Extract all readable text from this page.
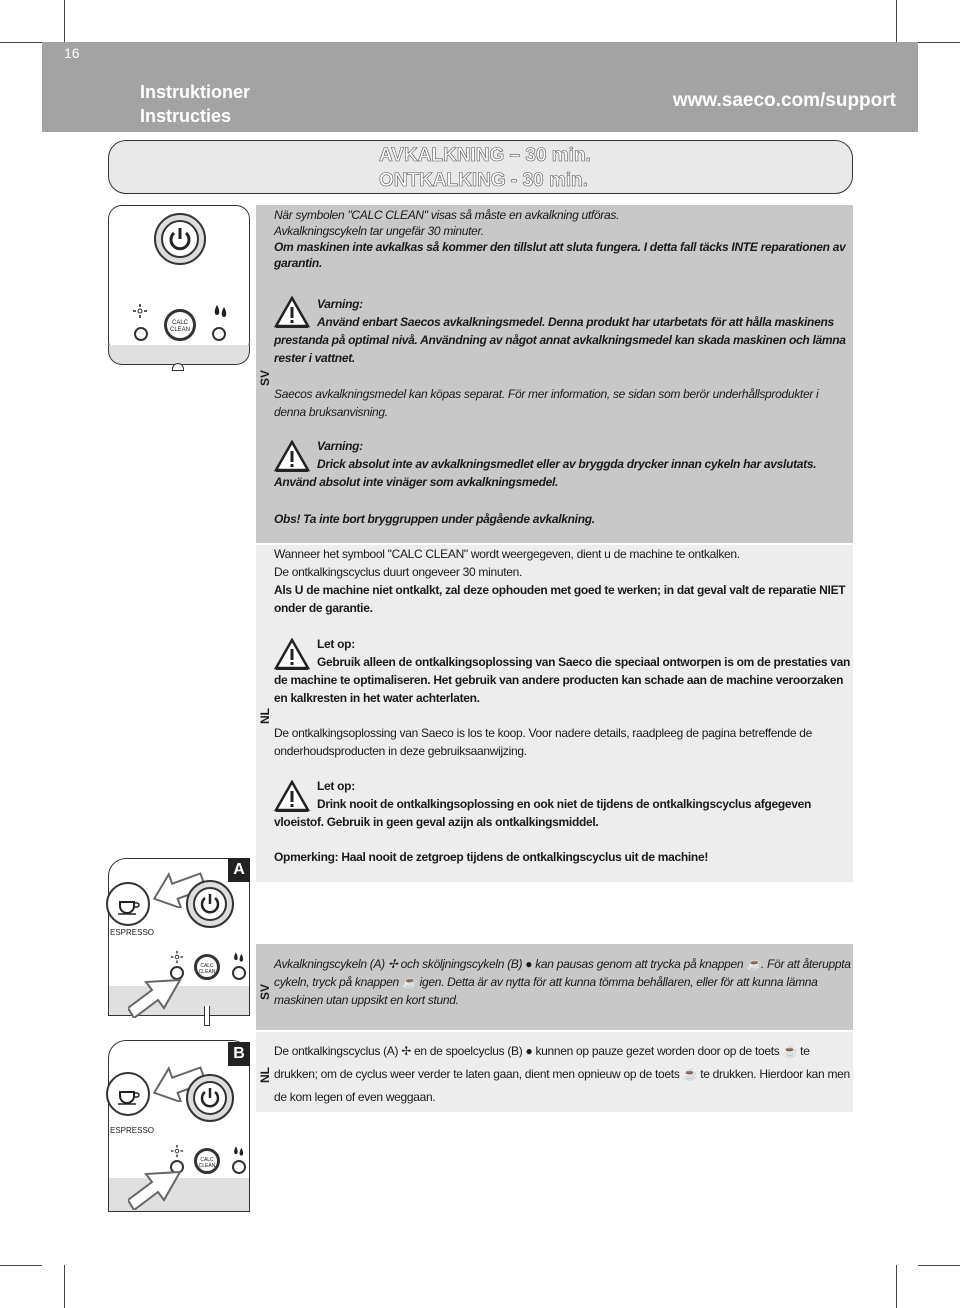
16
Instruktioner
Instructies
www.saeco.com/support
AVKALKNING – 30 min.
ONTKALKING - 30 min.
SV
NL
SV
NL
När symbolen "CALC CLEAN" visas så måste en avkalkning utföras.
Avkalkningscykeln tar ungefär 30 minuter.
Om maskinen inte avkalkas så kommer den tillslut att sluta fungera. I detta fall täcks INTE reparationen av garantin.
Varning:
Använd enbart Saecos avkalkningsmedel. Denna produkt har utarbetats för att hålla maskinens prestanda på optimal nivå. Användning av något annat avkalkningsmedel kan skada maskinen och lämna rester i vattnet.
Saecos avkalkningsmedel kan köpas separat. För mer information, se sidan som berör underhållsprodukter i denna bruksanvisning.
Varning:
Drick absolut inte av avkalkningsmedlet eller av bryggda drycker innan cykeln har avslutats. Använd absolut inte vinäger som avkalkningsmedel.
Obs! Ta inte bort bryggruppen under pågående avkalkning.
Wanneer het symbool "CALC CLEAN" wordt weergegeven, dient u de machine te ontkalken.
De ontkalkingscyclus duurt ongeveer 30 minuten.
Als U de machine niet ontkalkt, zal deze ophouden met goed te werken; in dat geval valt de reparatie NIET onder de garantie.
Let op:
Gebruik alleen de ontkalkingsoplossing van Saeco die speciaal ontworpen is om de prestaties van de machine te optimaliseren. Het gebruik van andere producten kan schade aan de machine veroorzaken en kalkresten in het water achterlaten.
De ontkalkingsoplossing van Saeco is los te koop. Voor nadere details, raadpleeg de pagina betreffende de onderhoudsproducten in deze gebruiksaanwijzing.
Let op:
Drink nooit de ontkalkingsoplossing en ook niet de tijdens de ontkalkingscyclus afgegeven vloeistof. Gebruik in geen geval azijn als ontkalkingsmiddel.
Opmerking: Haal nooit de zetgroep tijdens de ontkalkingscyclus uit de machine!
Avkalkningscykeln (A) ✢ och sköljningscykeln (B) ● kan pausas genom att trycka på knappen ☕. För att återuppta cykeln, tryck på knappen ☕ igen. Detta är av nytta för att kunna tömma behållaren, eller för att kunna lämna maskinen utan uppsikt en kort stund.
De ontkalkingscyclus (A) ✢ en de spoelcyclus (B) ● kunnen op pauze gezet worden door op de toets ☕ te drukken; om de cyclus weer verder te laten gaan, dient men opnieuw op de toets ☕ te drukken. Hierdoor kan men de kom legen of even weggaan.
CALC
CLEAN
A
ESPRESSO
CALC
CLEAN
B
ESPRESSO
CALC
CLEAN
